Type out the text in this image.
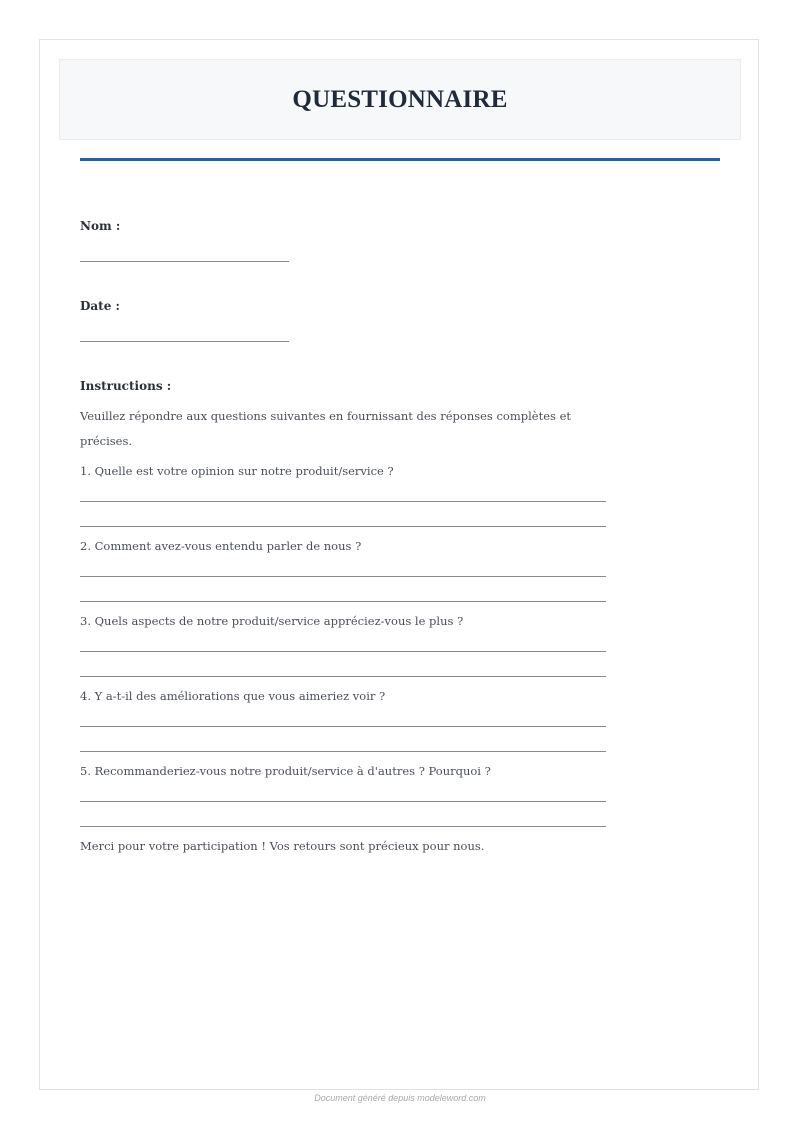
QUESTIONNAIRE
Nom :
Date :
Instructions :
Veuillez répondre aux questions suivantes en fournissant des réponses complètes et
précises.
1. Quelle est votre opinion sur notre produit/service ?
2. Comment avez-vous entendu parler de nous ?
3. Quels aspects de notre produit/service appréciez-vous le plus ?
4. Y a-t-il des améliorations que vous aimeriez voir ?
5. Recommanderiez-vous notre produit/service à d'autres ? Pourquoi ?
Merci pour votre participation ! Vos retours sont précieux pour nous.
Document généré depuis modeleword.com
